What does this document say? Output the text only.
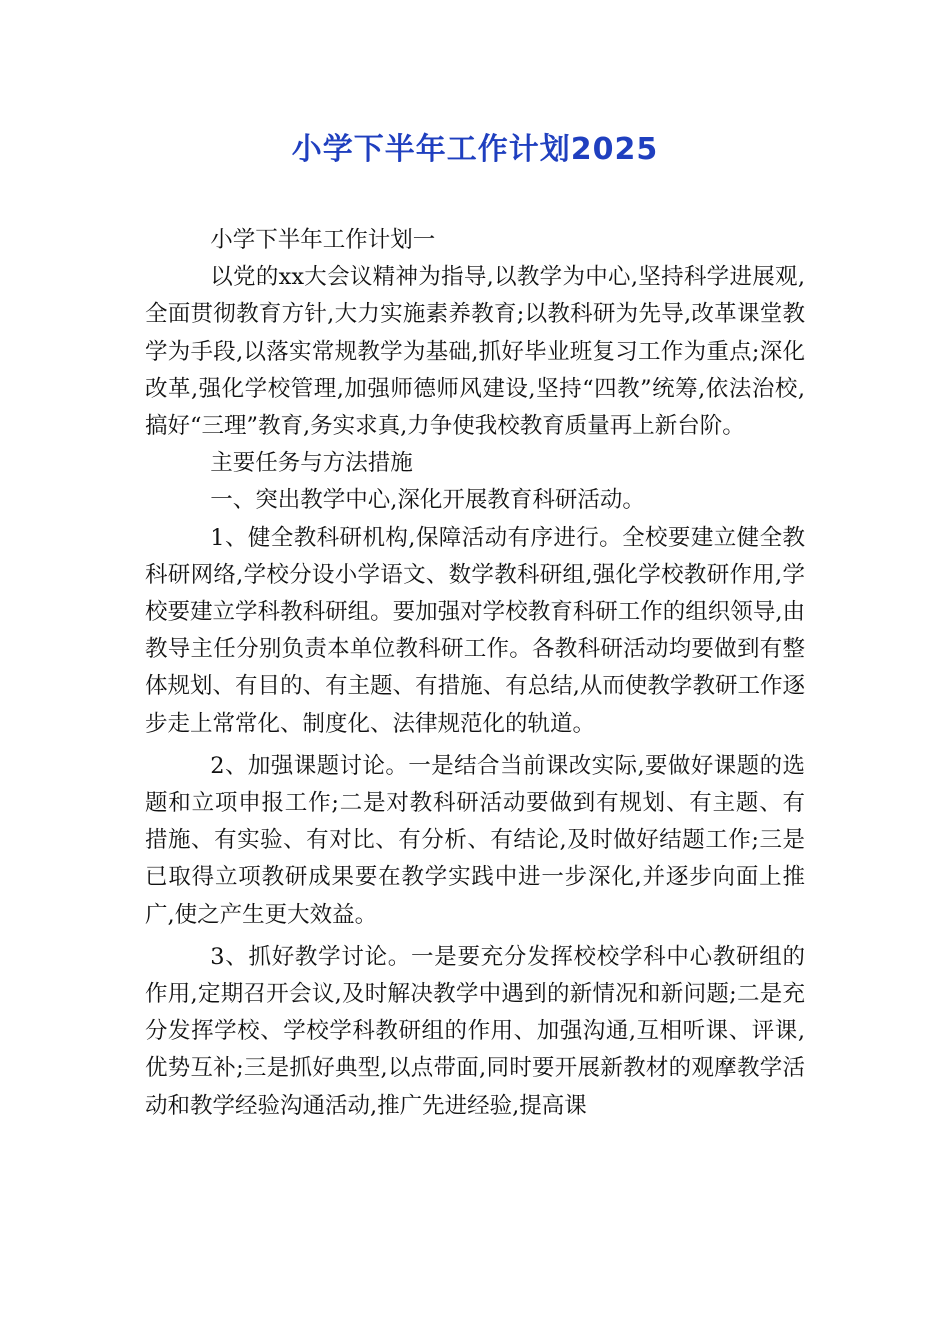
小学下半年工作计划2025

小学下半年工作计划一

以党的xx大会议精神为指导,以教学为中心,坚持科学进展观,全面贯彻教育方针,大力实施素养教育;以教科研为先导,改革课堂教学为手段,以落实常规教学为基础,抓好毕业班复习工作为重点;深化改革,强化学校管理,加强师德师风建设,坚持“四教”统筹,依法治校,搞好“三理”教育,务实求真,力争使我校教育质量再上新台阶。

主要任务与方法措施

一、突出教学中心,深化开展教育科研活动。

1、健全教科研机构,保障活动有序进行。全校要建立健全教科研网络,学校分设小学语文、数学教科研组,强化学校教研作用,学校要建立学科教科研组。要加强对学校教育科研工作的组织领导,由教导主任分别负责本单位教科研工作。各教科研活动均要做到有整体规划、有目的、有主题、有措施、有总结,从而使教学教研工作逐步走上常常化、制度化、法律规范化的轨道。

2、加强课题讨论。一是结合当前课改实际,要做好课题的选题和立项申报工作;二是对教科研活动要做到有规划、有主题、有措施、有实验、有对比、有分析、有结论,及时做好结题工作;三是已取得立项教研成果要在教学实践中进一步深化,并逐步向面上推广,使之产生更大效益。

3、抓好教学讨论。一是要充分发挥校校学科中心教研组的作用,定期召开会议,及时解决教学中遇到的新情况和新问题;二是充分发挥学校、学校学科教研组的作用、加强沟通,互相听课、评课,优势互补;三是抓好典型,以点带面,同时要开展新教材的观摩教学活动和教学经验沟通活动,推广先进经验,提高课
